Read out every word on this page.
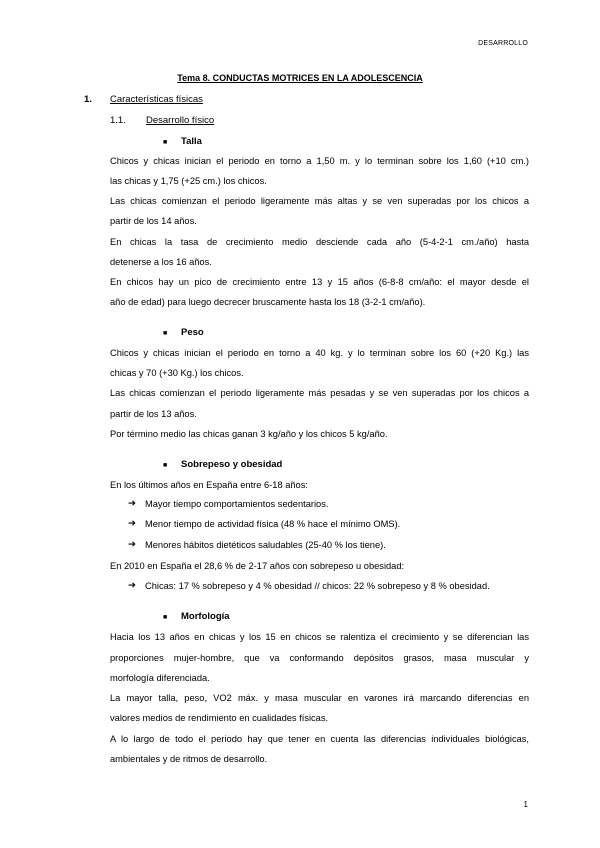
DESARROLLO
Tema 8. CONDUCTAS MOTRICES EN LA ADOLESCENCIA
1. Características físicas
1.1. Desarrollo físico
■ Talla
Chicos y chicas inician el periodo en torno a 1,50 m. y lo terminan sobre los 1,60 (+10 cm.)
las chicas y 1,75 (+25 cm.) los chicos.
Las chicas comienzan el periodo ligeramente más altas y se ven superadas por los chicos a
partir de los 14 años.
En chicas la tasa de crecimiento medio desciende cada año (5-4-2-1 cm./año) hasta
detenerse a los 16 años.
En chicos hay un pico de crecimiento entre 13 y 15 años (6-8-8 cm/año: el mayor desde el
año de edad) para luego decrecer bruscamente hasta los 18 (3-2-1 cm/año).
■ Peso
Chicos y chicas inician el periodo en torno a 40 kg. y lo terminan sobre los 60 (+20 Kg.) las
chicas y 70 (+30 Kg.) los chicos.
Las chicas comienzan el periodo ligeramente más pesadas y se ven superadas por los chicos a
partir de los 13 años.
Por término medio las chicas ganan 3 kg/año y los chicos 5 kg/año.
■ Sobrepeso y obesidad
En los últimos años en España entre 6-18 años:
➔ Mayor tiempo comportamientos sedentarios.
➔ Menor tiempo de actividad física (48 % hace el mínimo OMS).
➔ Menores hábitos dietéticos saludables (25-40 % los tiene).
En 2010 en España el 28,6 % de 2-17 años con sobrepeso u obesidad:
➔ Chicas: 17 % sobrepeso y 4 % obesidad // chicos: 22 % sobrepeso y 8 % obesidad.
■ Morfología
Hacia los 13 años en chicas y los 15 en chicos se ralentiza el crecimiento y se diferencian las
proporciones mujer-hombre, que va conformando depósitos grasos, masa muscular y
morfología diferenciada.
La mayor talla, peso, VO2 máx. y masa muscular en varones irá marcando diferencias en
valores medios de rendimiento en cualidades físicas.
A lo largo de todo el periodo hay que tener en cuenta las diferencias individuales biológicas,
ambientales y de ritmos de desarrollo.
1
